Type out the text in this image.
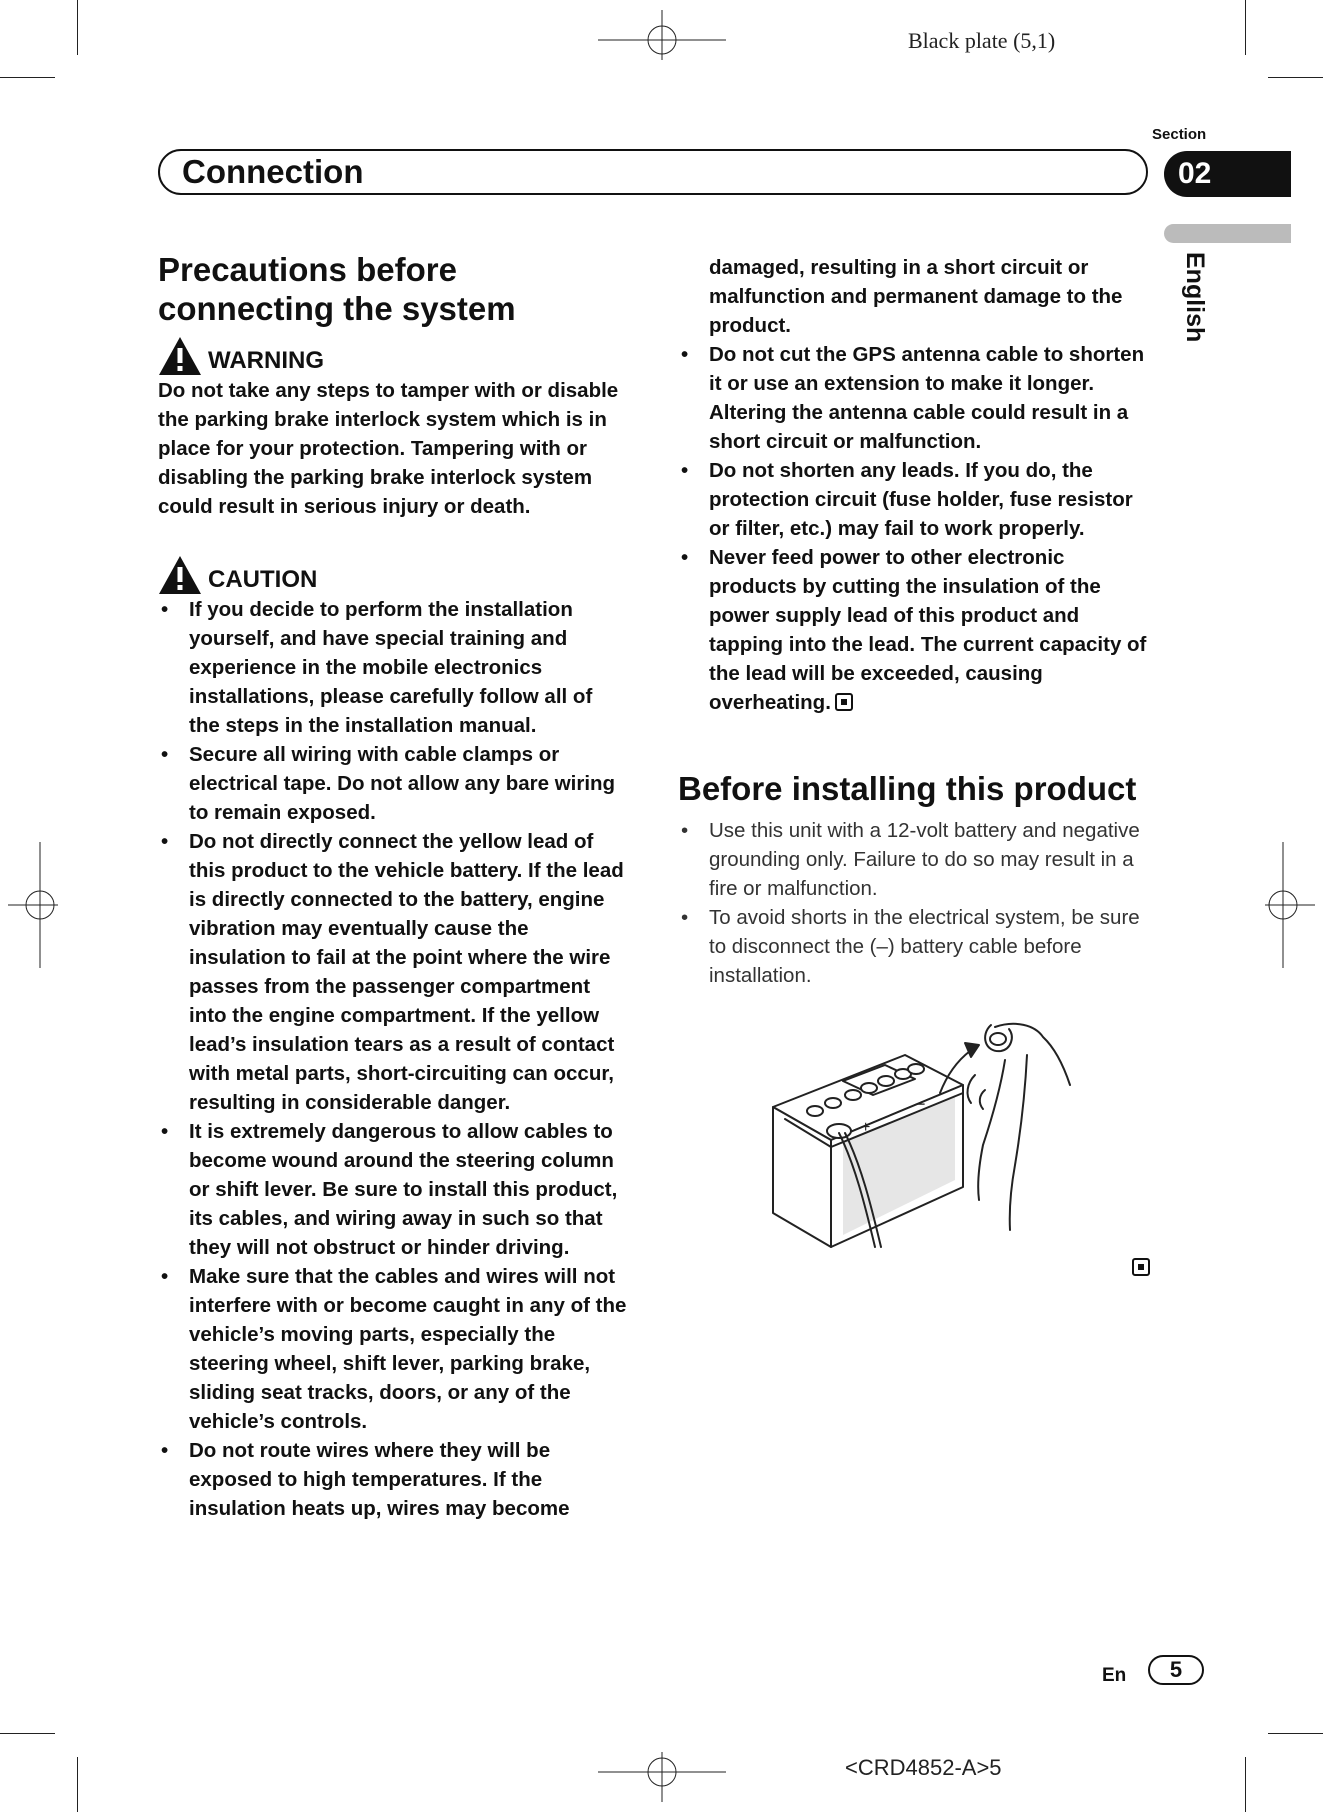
Black plate (5,1)
Section
02
English
Connection
Precautions before connecting the system
WARNING

Do not take any steps to tamper with or disable the parking brake interlock system which is in place for your protection. Tampering with or disabling the parking brake interlock system could result in serious injury or death.

CAUTION
• If you decide to perform the installation yourself, and have special training and experience in the mobile electronics installations, please carefully follow all of the steps in the installation manual.
• Secure all wiring with cable clamps or electrical tape. Do not allow any bare wiring to remain exposed.
• Do not directly connect the yellow lead of this product to the vehicle battery. If the lead is directly connected to the battery, engine vibration may eventually cause the insulation to fail at the point where the wire passes from the passenger compartment into the engine compartment. If the yellow lead’s insulation tears as a result of contact with metal parts, short-circuiting can occur, resulting in considerable danger.
• It is extremely dangerous to allow cables to become wound around the steering column or shift lever. Be sure to install this product, its cables, and wiring away in such so that they will not obstruct or hinder driving.
• Make sure that the cables and wires will not interfere with or become caught in any of the vehicle’s moving parts, especially the steering wheel, shift lever, parking brake, sliding seat tracks, doors, or any of the vehicle’s controls.
• Do not route wires where they will be exposed to high temperatures. If the insulation heats up, wires may become

damaged, resulting in a short circuit or malfunction and permanent damage to the product.

• Do not cut the GPS antenna cable to shorten it or use an extension to make it longer. Altering the antenna cable could result in a short circuit or malfunction.
• Do not shorten any leads. If you do, the protection circuit (fuse holder, fuse resistor or filter, etc.) may fail to work properly.
• Never feed power to other electronic products by cutting the insulation of the power supply lead of this product and tapping into the lead. The current capacity of the lead will be exceeded, causing overheating.
Before installing this product
• Use this unit with a 12-volt battery and negative grounding only. Failure to do so may result in a fire or malfunction.
• To avoid shorts in the electrical system, be sure to disconnect the (–) battery cable before installation.
+
−
En	5
<CRD4852-A>5
